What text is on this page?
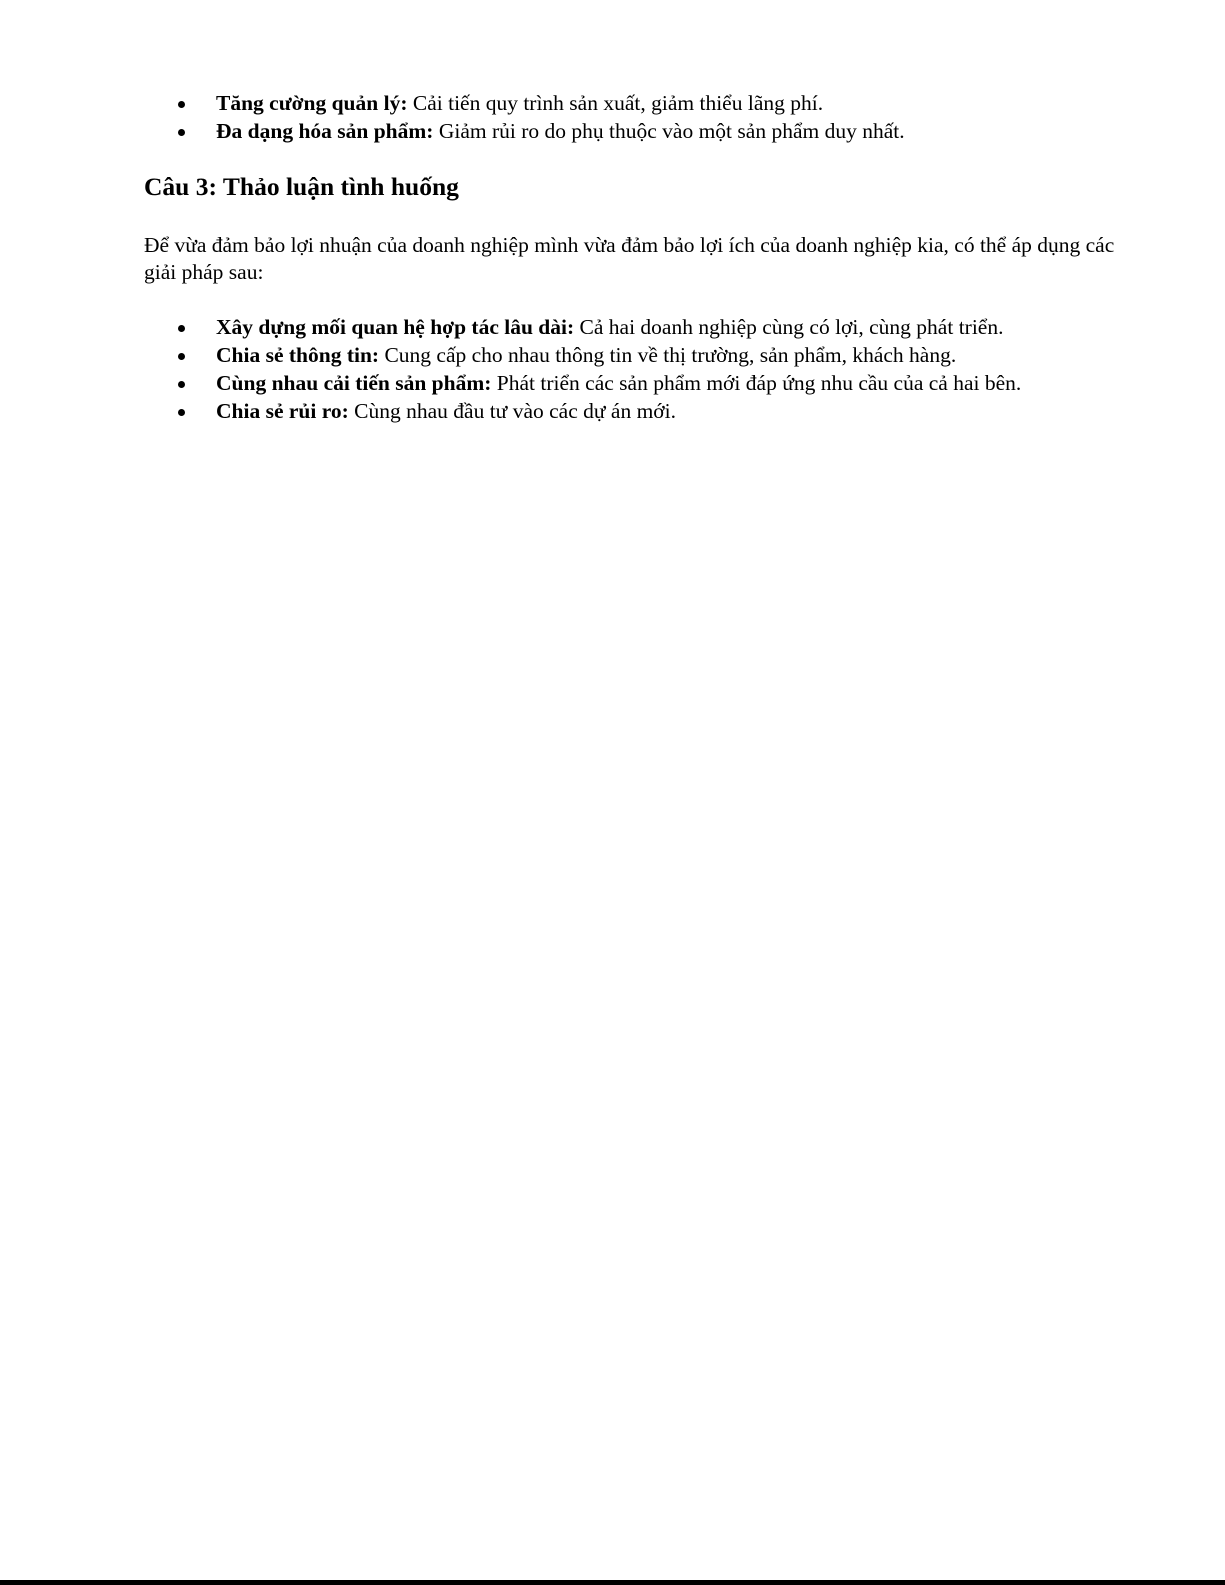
Tăng cường quản lý: Cải tiến quy trình sản xuất, giảm thiểu lãng phí.
Đa dạng hóa sản phẩm: Giảm rủi ro do phụ thuộc vào một sản phẩm duy nhất.
Câu 3: Thảo luận tình huống

Để vừa đảm bảo lợi nhuận của doanh nghiệp mình vừa đảm bảo lợi ích của doanh nghiệp kia, có thể áp dụng các giải pháp sau:

Xây dựng mối quan hệ hợp tác lâu dài: Cả hai doanh nghiệp cùng có lợi, cùng phát triển.
Chia sẻ thông tin: Cung cấp cho nhau thông tin về thị trường, sản phẩm, khách hàng.
Cùng nhau cải tiến sản phẩm: Phát triển các sản phẩm mới đáp ứng nhu cầu của cả hai bên.
Chia sẻ rủi ro: Cùng nhau đầu tư vào các dự án mới.
